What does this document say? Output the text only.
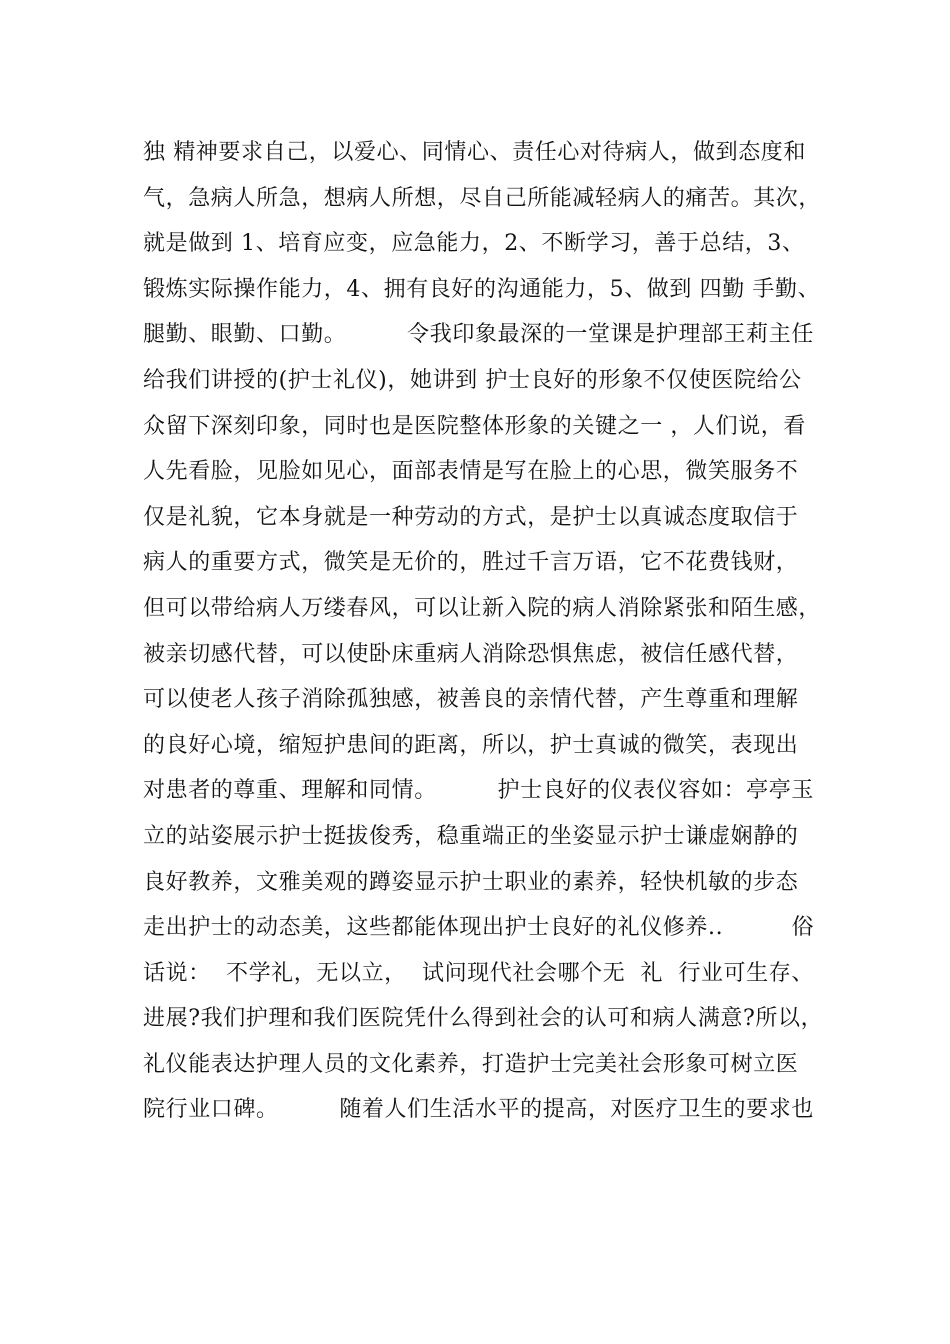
独 精神要求自己，以爱心、同情心、责任心对待病人，做到态度和
气，急病人所急，想病人所想，尽自己所能减轻病人的痛苦。其次，
就是做到 1、培育应变，应急能力，2、不断学习，善于总结，3、
锻炼实际操作能力，4、拥有良好的沟通能力，5、做到 四勤 手勤、
腿勤、眼勤、口勤。        令我印象最深的一堂课是护理部王莉主任
给我们讲授的(护士礼仪)，她讲到 护士良好的形象不仅使医院给公
众留下深刻印象，同时也是医院整体形象的关键之一 ，人们说，看
人先看脸，见脸如见心，面部表情是写在脸上的心思，微笑服务不
仅是礼貌，它本身就是一种劳动的方式，是护士以真诚态度取信于
病人的重要方式，微笑是无价的，胜过千言万语，它不花费钱财，
但可以带给病人万缕春风，可以让新入院的病人消除紧张和陌生感，
被亲切感代替，可以使卧床重病人消除恐惧焦虑，被信任感代替，
可以使老人孩子消除孤独感，被善良的亲情代替，产生尊重和理解
的良好心境，缩短护患间的距离，所以，护士真诚的微笑，表现出
对患者的尊重、理解和同情。        护士良好的仪表仪容如：亭亭玉
立的站姿展示护士挺拔俊秀，稳重端正的坐姿显示护士谦虚娴静的
良好教养，文雅美观的蹲姿显示护士职业的素养，轻快机敏的步态
走出护士的动态美，这些都能体现出护士良好的礼仪修养..         俗
话说：  不学礼，无以立，  试问现代社会哪个无  礼  行业可生存、
进展?我们护理和我们医院凭什么得到社会的认可和病人满意?所以，
礼仪能表达护理人员的文化素养，打造护士完美社会形象可树立医
院行业口碑。        随着人们生活水平的提高，对医疗卫生的要求也
